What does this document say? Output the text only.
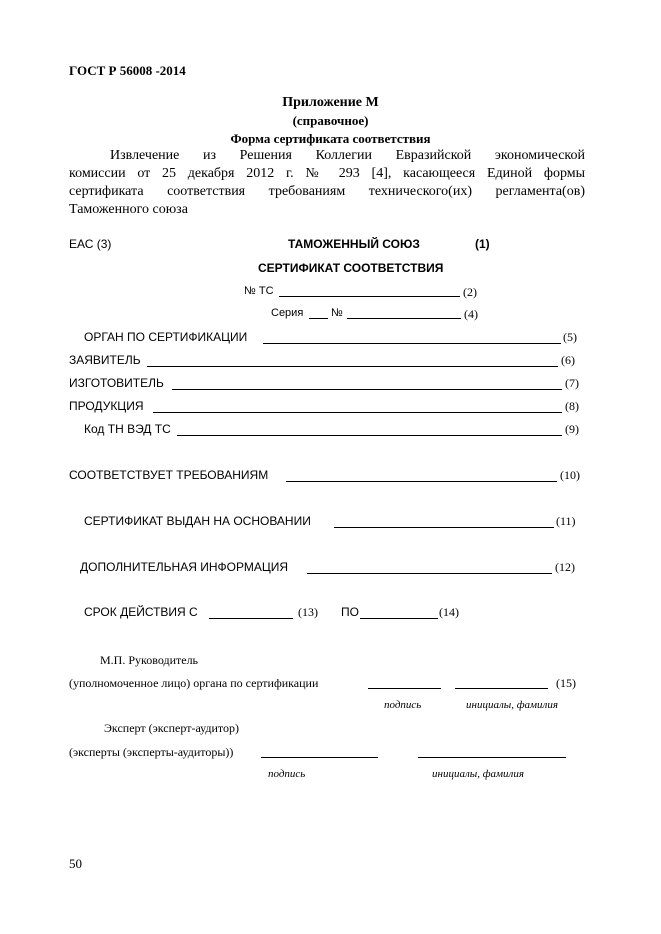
ГОСТ Р 56008 -2014
Приложение М
(справочное)
Форма сертификата соответствия
Извлечение из Решения Коллегии Евразийской экономической
комиссии от 25 декабря 2012 г. № 293 [4], касающееся Единой формы
сертификата соответствия требованиям технического(их) регламента(ов)
Таможенного союза
ЕАС (3)	ТАМОЖЕННЫЙ СОЮЗ	(1)
СЕРТИФИКАТ СООТВЕТСТВИЯ
№ ТС	(2)
Серия	№	(4)
ОРГАН ПО СЕРТИФИКАЦИИ	(5)
ЗАЯВИТЕЛЬ	(6)
ИЗГОТОВИТЕЛЬ	(7)
ПРОДУКЦИЯ	(8)
Код ТН ВЭД ТС	(9)
СООТВЕТСТВУЕТ ТРЕБОВАНИЯМ	(10)
СЕРТИФИКАТ ВЫДАН НА ОСНОВАНИИ	(11)
ДОПОЛНИТЕЛЬНАЯ ИНФОРМАЦИЯ	(12)
СРОК ДЕЙСТВИЯ С	(13) ПО	(14)
М.П. Руководитель
(уполномоченное лицо) органа по сертификации	(15)
подпись	инициалы, фамилия
Эксперт (эксперт-аудитор)
(эксперты (эксперты-аудиторы))
подпись	инициалы, фамилия
50
